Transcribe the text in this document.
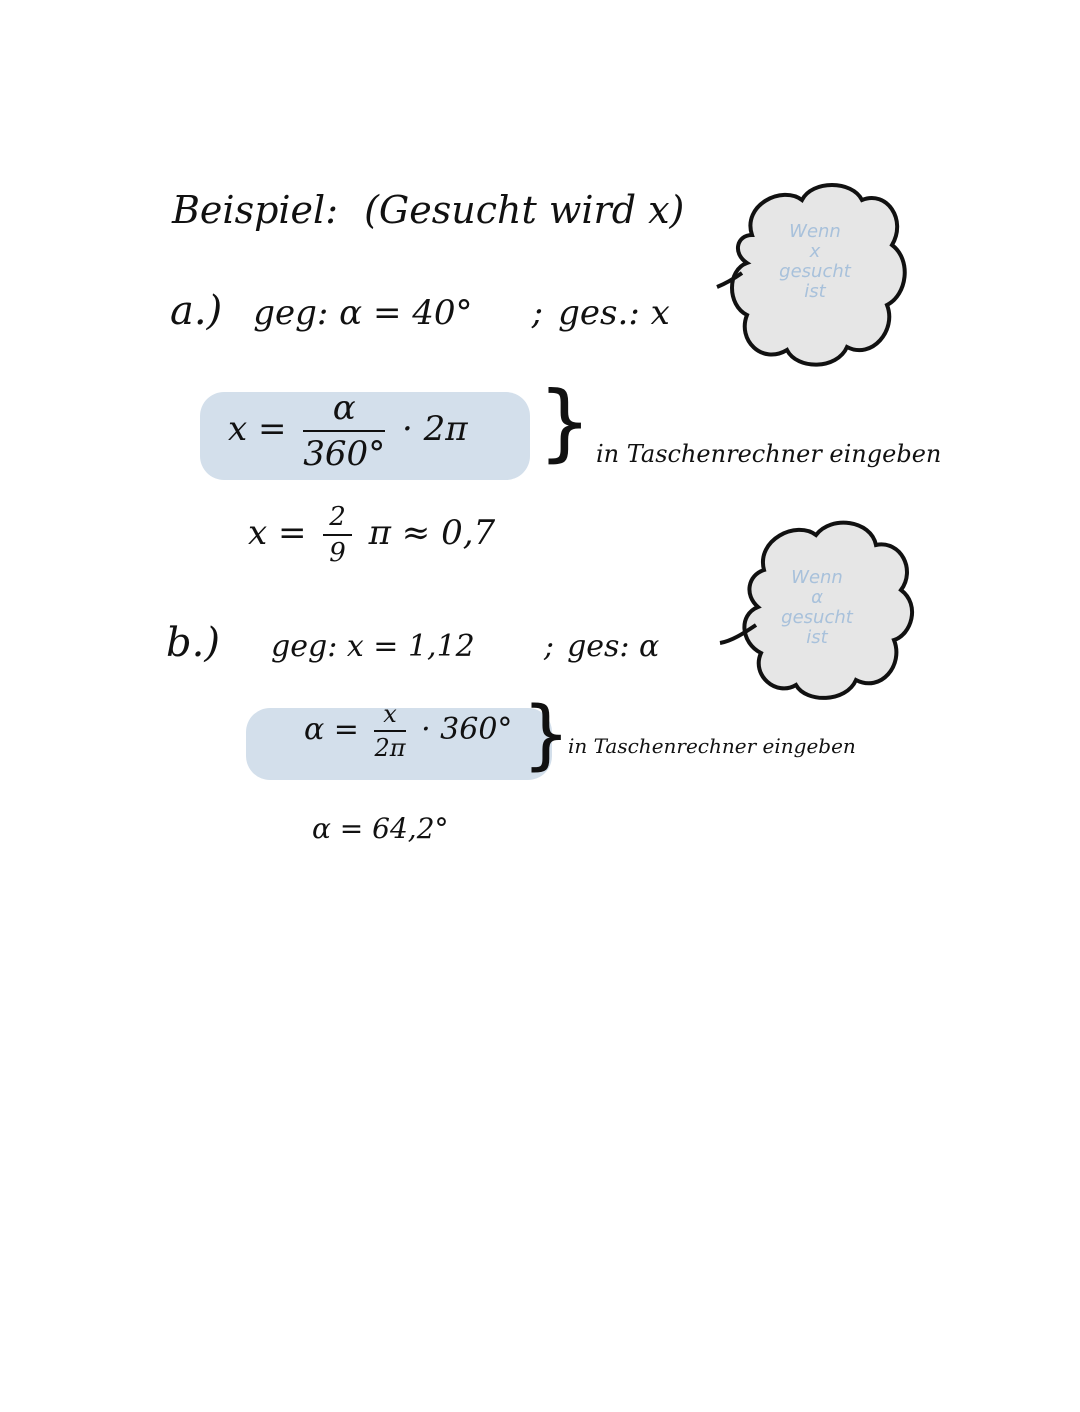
Beispiel: (Gesucht wird x)	Wenn
x
gesucht
ist
a.) geg: α = 40° ; ges.: x
$x = \frac{\alpha}{360^\circ} \cdot 2\pi$ } in Taschenrechner eingeben
$x = \frac{2}{9}$ π ≈ 0,7
Wenn
α
gesucht
ist
b.) geg: x = 1,12 ; ges: α
$\alpha = \frac{x}{2\pi} \cdot 360^\circ$ }
in Taschenrechner eingeben
α = 64,2°
